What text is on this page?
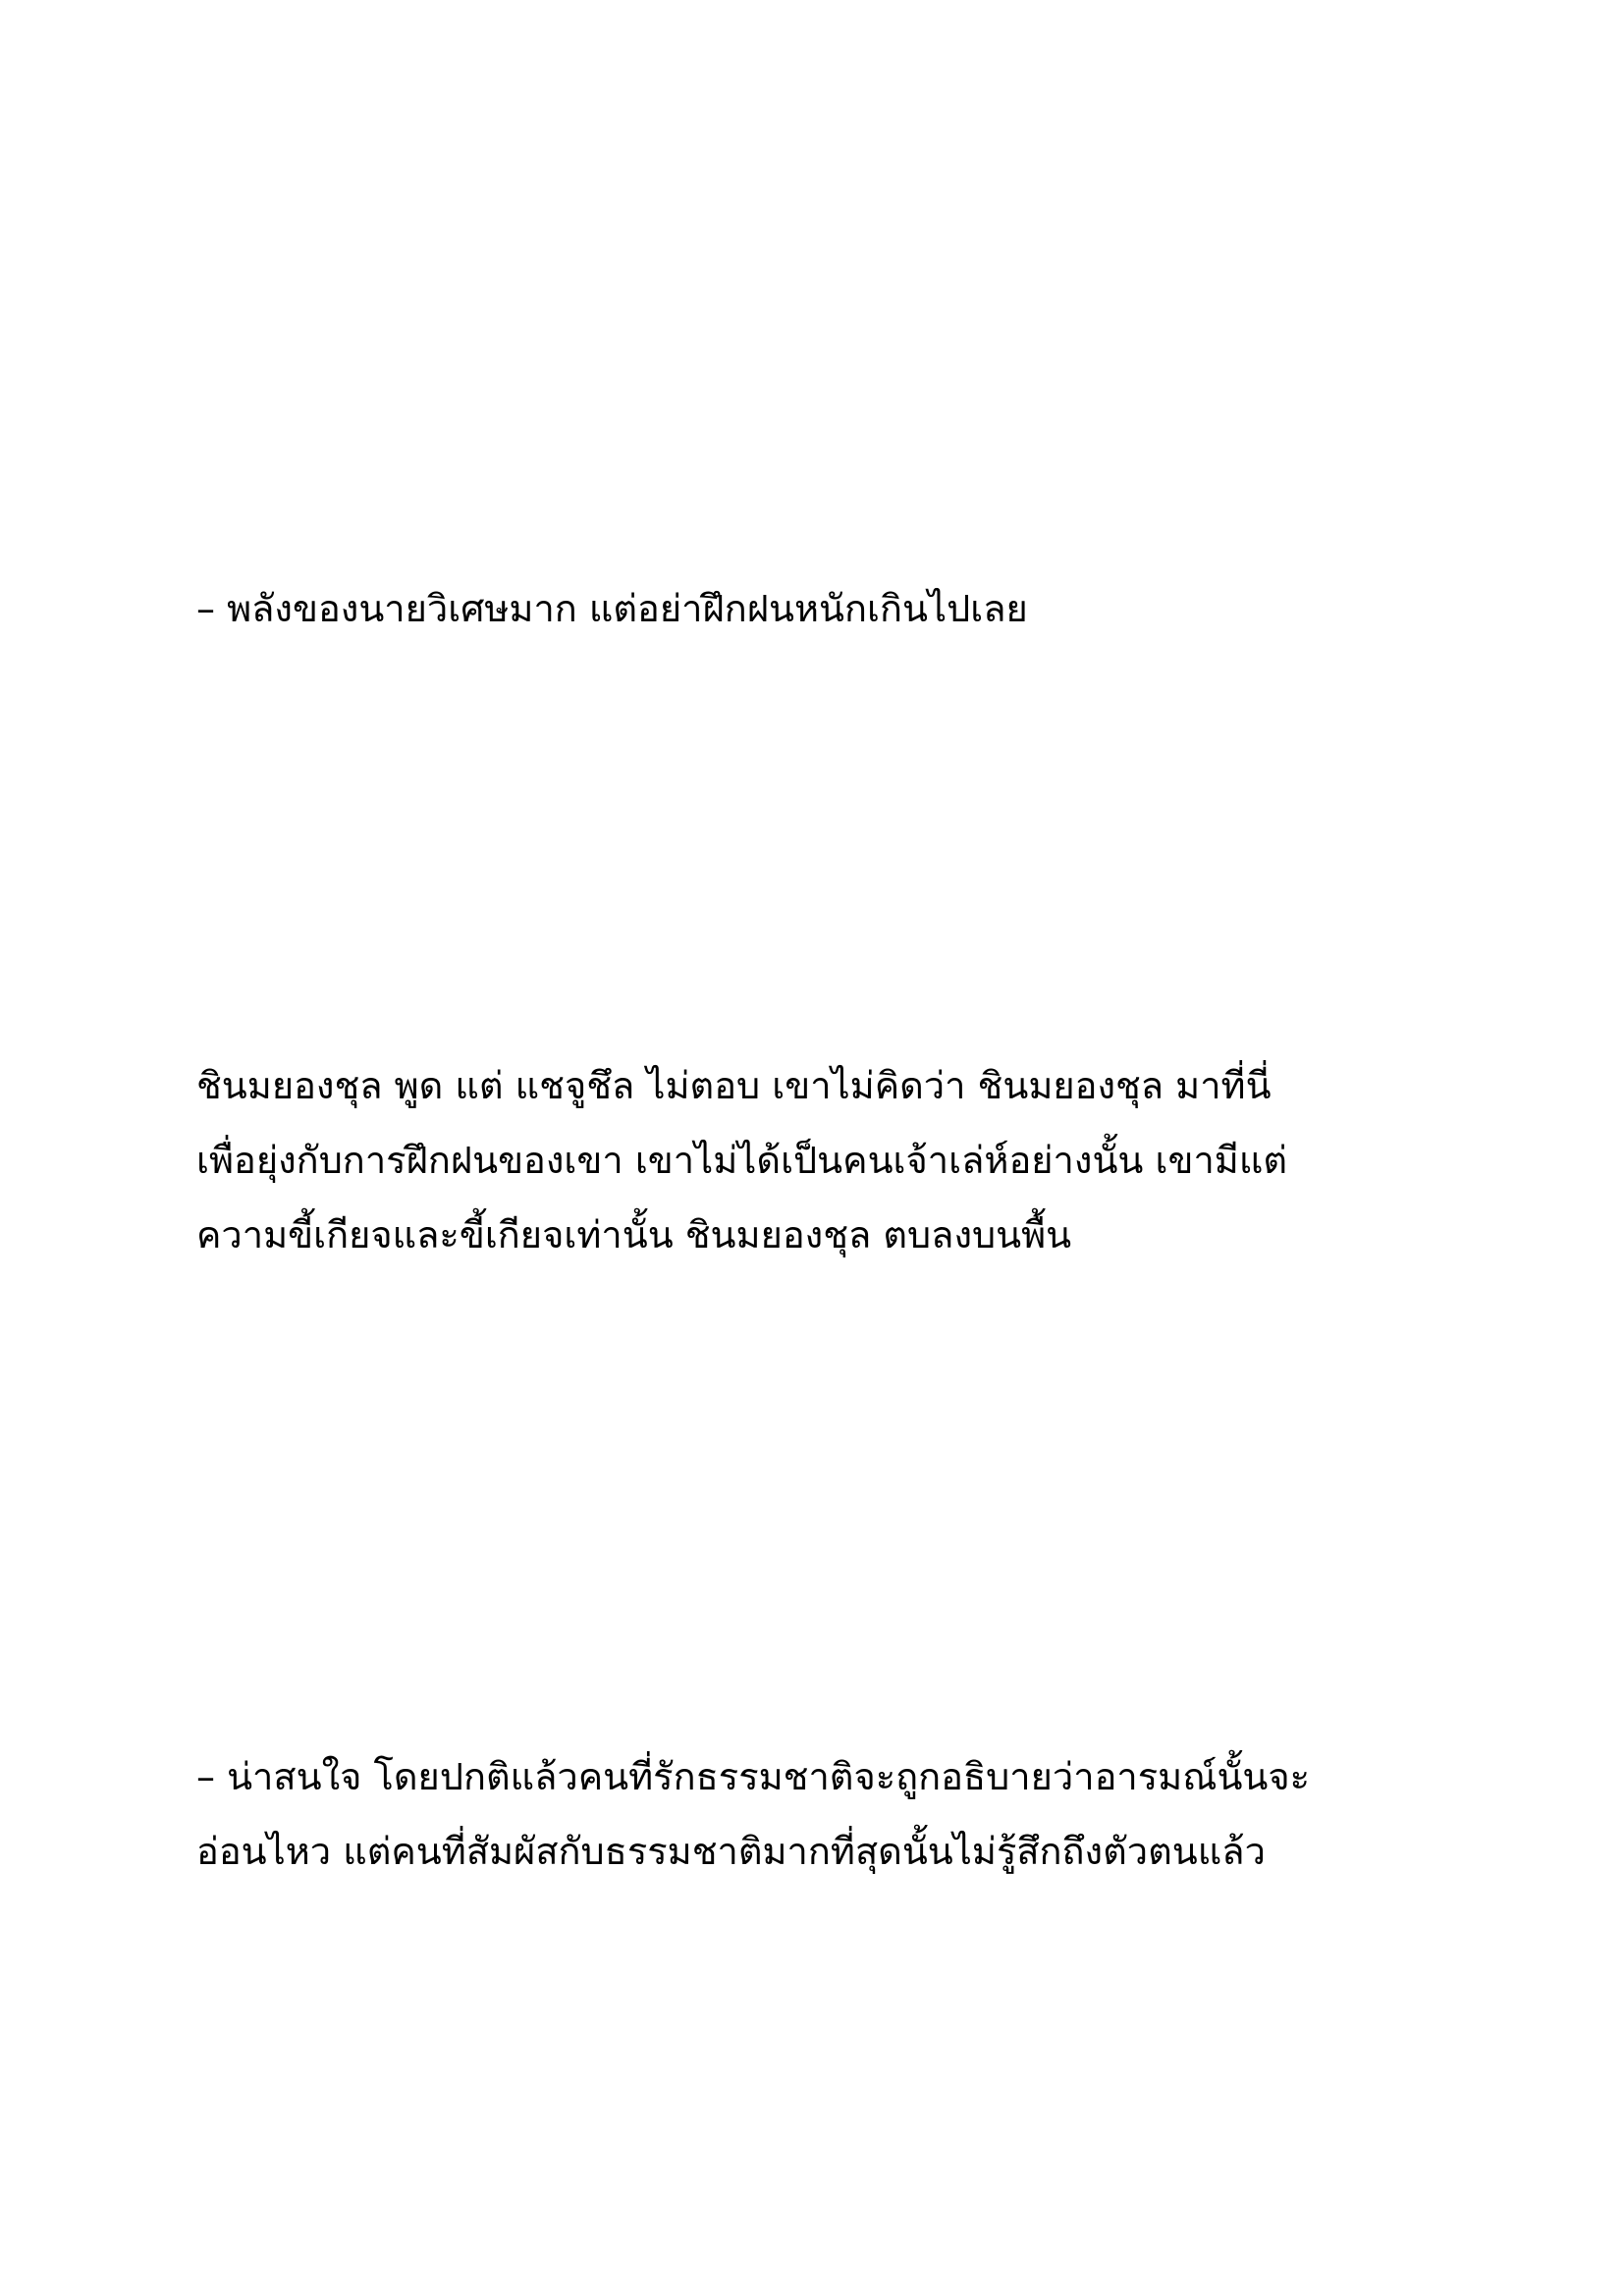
– พลังของนายวิเศษมาก แต่อย่าฝึกฝนหนักเกินไปเลย

ชินมยองชุล พูด แต่ แชจูชึล ไม่ตอบ เขาไม่คิดว่า ชินมยองชุล มาที่นี่
เพื่อยุ่งกับการฝึกฝนของเขา เขาไม่ได้เป็นคนเจ้าเล่ห์อย่างนั้น เขามีแต่
ความขี้เกียจและขี้เกียจเท่านั้น ชินมยองชุล ตบลงบนพื้น

– น่าสนใจ โดยปกติแล้วคนที่รักธรรมชาติจะถูกอธิบายว่าอารมณ์นั้นจะ
อ่อนไหว แต่คนที่สัมผัสกับธรรมชาติมากที่สุดนั้นไม่รู้สึกถึงตัวตนแล้ว
